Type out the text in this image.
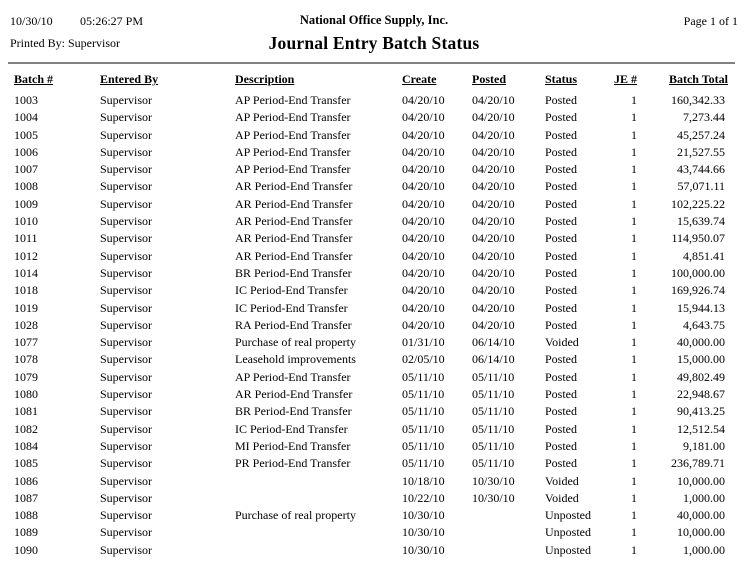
10/30/10 05:26:27 PM	National Office Supply, Inc.	Page 1 of 1
Printed By: Supervisor	Journal Entry Batch Status
Batch #	Entered By	Description	Create	Posted	Status	JE #	Batch Total
1003	Supervisor	AP Period-End Transfer	04/20/10	04/20/10	Posted	1	160,342.33
1004	Supervisor	AP Period-End Transfer	04/20/10	04/20/10	Posted	1	7,273.44
1005	Supervisor	AP Period-End Transfer	04/20/10	04/20/10	Posted	1	45,257.24
1006	Supervisor	AP Period-End Transfer	04/20/10	04/20/10	Posted	1	21,527.55
1007	Supervisor	AP Period-End Transfer	04/20/10	04/20/10	Posted	1	43,744.66
1008	Supervisor	AR Period-End Transfer	04/20/10	04/20/10	Posted	1	57,071.11
1009	Supervisor	AR Period-End Transfer	04/20/10	04/20/10	Posted	1	102,225.22
1010	Supervisor	AR Period-End Transfer	04/20/10	04/20/10	Posted	1	15,639.74
1011	Supervisor	AR Period-End Transfer	04/20/10	04/20/10	Posted	1	114,950.07
1012	Supervisor	AR Period-End Transfer	04/20/10	04/20/10	Posted	1	4,851.41
1014	Supervisor	BR Period-End Transfer	04/20/10	04/20/10	Posted	1	100,000.00
1018	Supervisor	IC Period-End Transfer	04/20/10	04/20/10	Posted	1	169,926.74
1019	Supervisor	IC Period-End Transfer	04/20/10	04/20/10	Posted	1	15,944.13
1028	Supervisor	RA Period-End Transfer	04/20/10	04/20/10	Posted	1	4,643.75
1077	Supervisor	Purchase of real property	01/31/10	06/14/10	Voided	1	40,000.00
1078	Supervisor	Leasehold improvements	02/05/10	06/14/10	Posted	1	15,000.00
1079	Supervisor	AP Period-End Transfer	05/11/10	05/11/10	Posted	1	49,802.49
1080	Supervisor	AR Period-End Transfer	05/11/10	05/11/10	Posted	1	22,948.67
1081	Supervisor	BR Period-End Transfer	05/11/10	05/11/10	Posted	1	90,413.25
1082	Supervisor	IC Period-End Transfer	05/11/10	05/11/10	Posted	1	12,512.54
1084	Supervisor	MI Period-End Transfer	05/11/10	05/11/10	Posted	1	9,181.00
1085	Supervisor	PR Period-End Transfer	05/11/10	05/11/10	Posted	1	236,789.71
1086	Supervisor		10/18/10	10/30/10	Voided	1	10,000.00
1087	Supervisor		10/22/10	10/30/10	Voided	1	1,000.00
1088	Supervisor	Purchase of real property	10/30/10		Unposted	1	40,000.00
1089	Supervisor		10/30/10		Unposted	1	10,000.00
1090	Supervisor		10/30/10		Unposted	1	1,000.00
